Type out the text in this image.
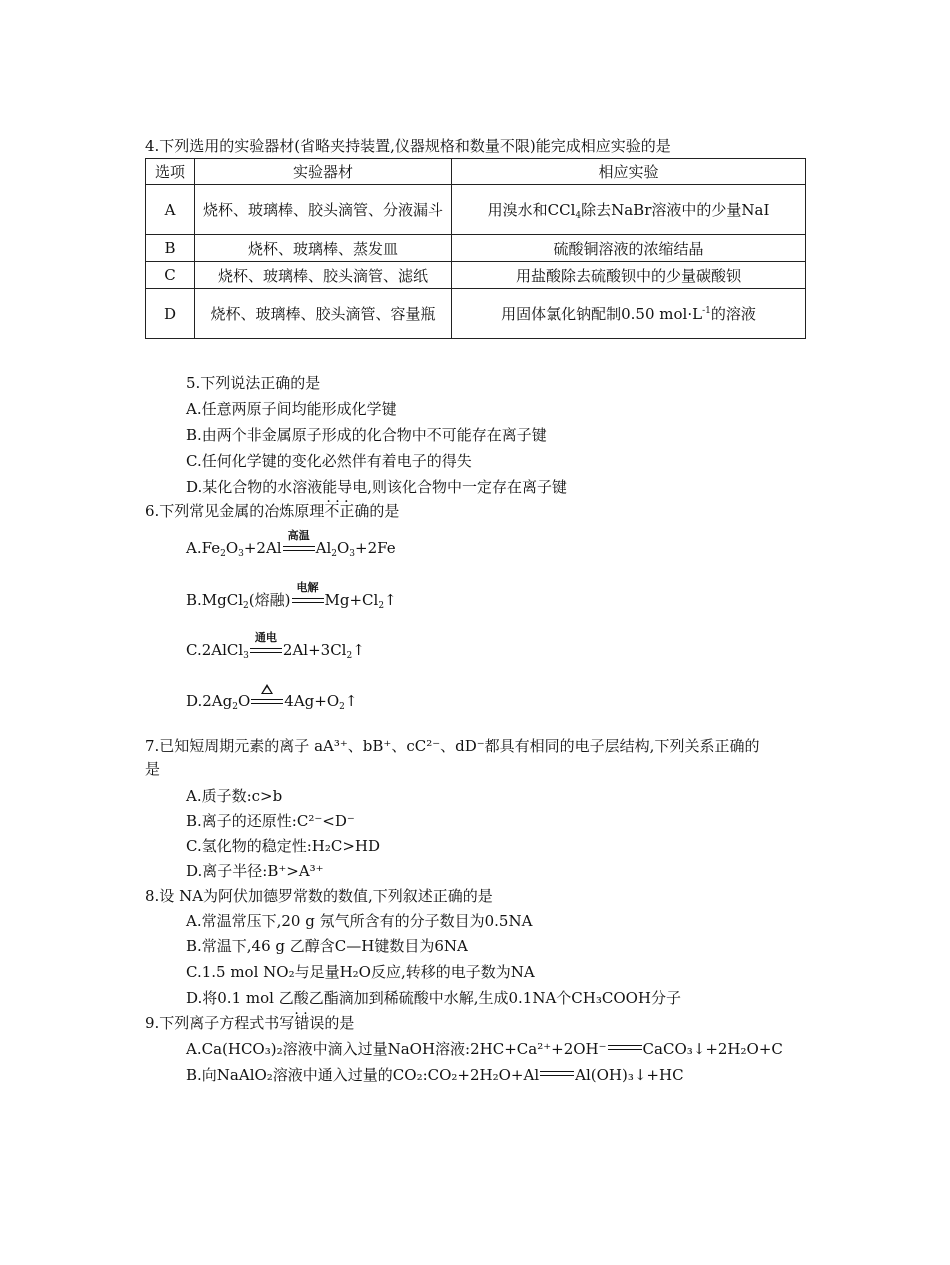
4.下列选用的实验器材(省略夹持装置,仪器规格和数量不限)能完成相应实验的是
选项	实验器材	相应实验
A	烧杯、玻璃棒、胶头滴管、分液漏斗	用溴水和CCl$_4$除去NaBr溶液中的少量NaI
B	烧杯、玻璃棒、蒸发皿	硫酸铜溶液的浓缩结晶
C	烧杯、玻璃棒、胶头滴管、滤纸	用盐酸除去硫酸钡中的少量碳酸钡
D	烧杯、玻璃棒、胶头滴管、容量瓶	用固体氯化钠配制0.50 $mol\cdot L^{-1}$的溶液
5.下列说法正确的是
A.任意两原子间均能形成化学键
B.由两个非金属原子形成的化合物中不可能存在离子键
C.任何化学键的变化必然伴有着电子的得失
D.某化合物的水溶液能导电,则该化合物中一定存在离子键
6.下列常见金属的冶炼原理不正确的是
$A.Fe_2O_3+2Al$
高温
$Al_2O_3+2Fe$
B.MgCl$_2$(熔融)
电解
$Mg+Cl_2↑$
C.2AlCl$_3$
通电
$2Al+3Cl_2↑$
$D.2Ag_2O$ $4Ag+O_2↑$
7.已知短周期元素的离子 aA³⁺、bB⁺、cC²⁻、dD⁻都具有相同的电子层结构,下列关系正确的
是
A.质子数:c>b
B.离子的还原性:C²⁻<D⁻
C.氢化物的稳定性:H₂C>HD
D.离子半径:B⁺>A³⁺
8.设 NA为阿伏加德罗常数的数值,下列叙述正确的是
A.常温常压下,20 g 氖气所含有的分子数目为0.5NA
B.常温下,46 g 乙醇含C—H键数目为6NA
C.1.5 mol NO₂与足量H₂O反应,转移的电子数为NA
D.将0.1 mol 乙酸乙酯滴加到稀硫酸中水解,生成0.1NA个CH₃COOH分子
9.下列离子方程式书写错误 · ·的是
A.Ca(HCO₃)₂溶液中滴入过量NaOH溶液:2HC+Ca²⁺+2OH⁻ CaCO₃↓+2H₂O+C
B.向NaAlO₂溶液中通入过量的CO₂:CO₂+2H₂O+Al Al(OH)₃↓+HC
